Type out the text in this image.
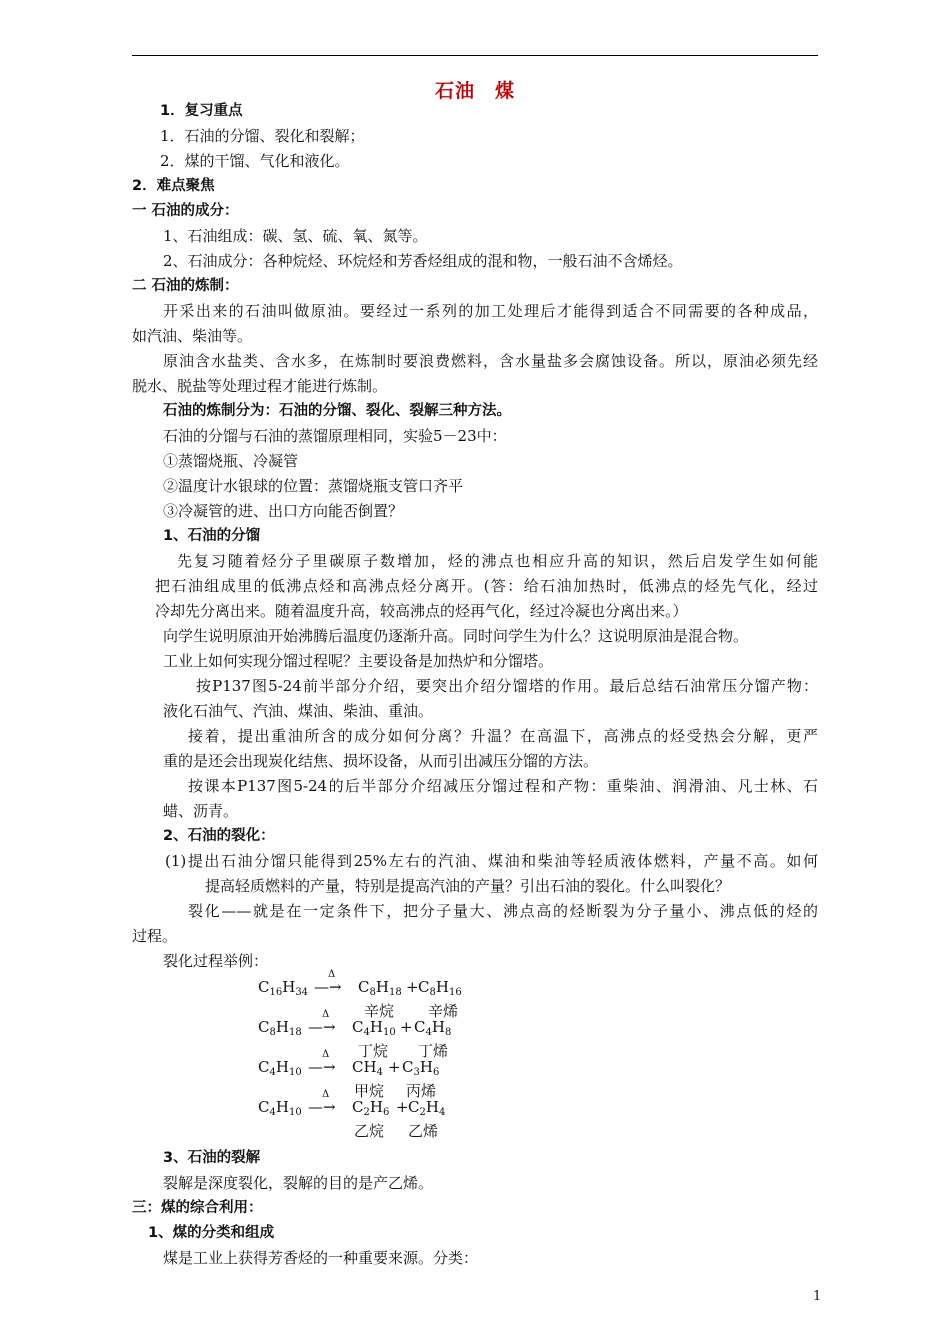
石油　煤
1．复习重点
1．石油的分馏、裂化和裂解；
2．煤的干馏、气化和液化。
2．难点聚焦
一 石油的成分：
1、石油组成：碳、氢、硫、氧、氮等。
2、石油成分：各种烷烃、环烷烃和芳香烃组成的混和物，一般石油不含烯烃。
二 石油的炼制：
开采出来的石油叫做原油。要经过一系列的加工处理后才能得到适合不同需要的各种成品，
如汽油、柴油等。
原油含水盐类、含水多，在炼制时要浪费燃料，含水量盐多会腐蚀设备。所以，原油必须先经
脱水、脱盐等处理过程才能进行炼制。
石油的炼制分为：石油的分馏、裂化、裂解三种方法。
石油的分馏与石油的蒸馏原理相同，实验5－23中：
①蒸馏烧瓶、冷凝管
②温度计水银球的位置：蒸馏烧瓶支管口齐平
③冷凝管的进、出口方向能否倒置？
1、石油的分馏
先复习随着烃分子里碳原子数增加，烃的沸点也相应升高的知识，然后启发学生如何能
把石油组成里的低沸点烃和高沸点烃分离开。(答：给石油加热时，低沸点的烃先气化，经过
冷却先分离出来。随着温度升高，较高沸点的烃再气化，经过冷凝也分离出来。）
向学生说明原油开始沸腾后温度仍逐渐升高。同时问学生为什么？这说明原油是混合物。
工业上如何实现分馏过程呢？主要设备是加热炉和分馏塔。
按P137图5-24前半部分介绍，要突出介绍分馏塔的作用。最后总结石油常压分馏产物：
液化石油气、汽油、煤油、柴油、重油。
接着，提出重油所含的成分如何分离？升温？在高温下，高沸点的烃受热会分解，更严
重的是还会出现炭化结焦、损坏设备，从而引出减压分馏的方法。
按课本P137图5-24的后半部分介绍减压分馏过程和产物：重柴油、润滑油、凡士林、石
蜡、沥青。
2、石油的裂化：
(1)提出石油分馏只能得到25%左右的汽油、煤油和柴油等轻质液体燃料，产量不高。如何
提高轻质燃料的产量，特别是提高汽油的产量？引出石油的裂化。什么叫裂化？
裂化——就是在一定条件下，把分子量大、沸点高的烃断裂为分子量小、沸点低的烃的
过程。
裂化过程举例：
$C_{16}H_{34}$
Δ
—→ $C_8H_{18} + C_8H_{16}$
辛烷 辛烯
$C_8H_{18}$
Δ
—→ $C_4H_{10} + C_4H_8$
丁烷 丁烯
$C_4H_{10}$
Δ
—→ $CH_4 + C_3H_6$
甲烷 丙烯
$C_4H_{10}$
Δ
—→ $C_2H_6 + C_2H_4$
乙烷 乙烯
3、石油的裂解
裂解是深度裂化，裂解的目的是产乙烯。
三：煤的综合利用：
1、煤的分类和组成
煤是工业上获得芳香烃的一种重要来源。分类：
1
